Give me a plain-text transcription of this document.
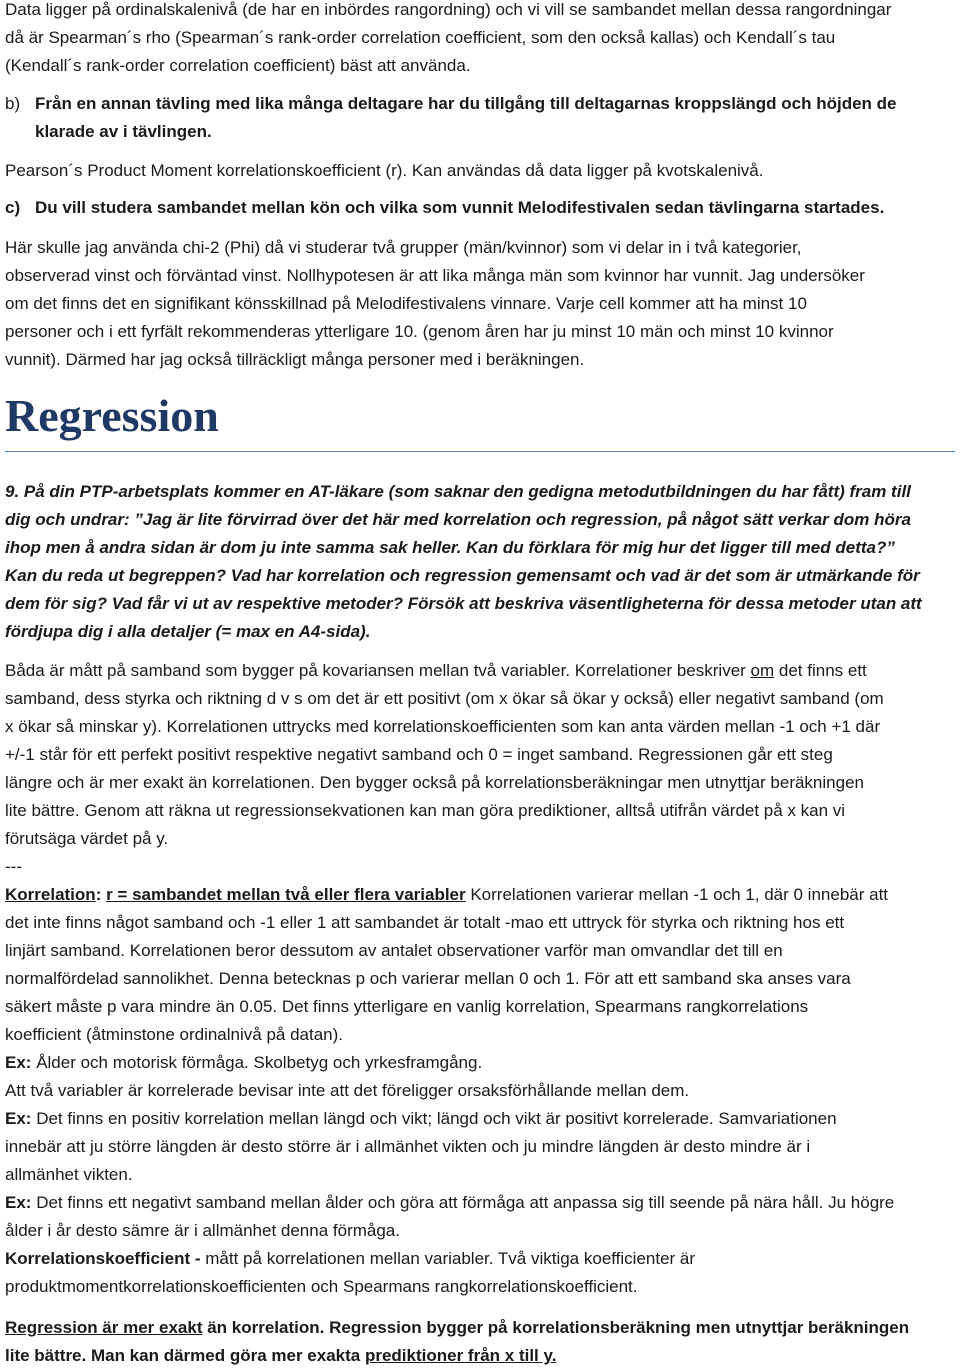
Data ligger på ordinalskalenivå (de har en inbördes rangordning) och vi vill se sambandet mellan dessa rangordningar
då är Spearman´s rho (Spearman´s rank-order correlation coefficient, som den också kallas) och Kendall´s tau
(Kendall´s rank-order correlation coefficient) bäst att använda.

b) Från en annan tävling med lika många deltagare har du tillgång till deltagarnas kroppslängd och höjden de
klarade av i tävlingen.

Pearson´s Product Moment korrelationskoefficient (r). Kan användas då data ligger på kvotskalenivå.

c) Du vill studera sambandet mellan kön och vilka som vunnit Melodifestivalen sedan tävlingarna startades.

Här skulle jag använda chi-2 (Phi) då vi studerar två grupper (män/kvinnor) som vi delar in i två kategorier,
observerad vinst och förväntad vinst. Nollhypotesen är att lika många män som kvinnor har vunnit. Jag undersöker
om det finns det en signifikant könsskillnad på Melodifestivalens vinnare. Varje cell kommer att ha minst 10
personer och i ett fyrfält rekommenderas ytterligare 10. (genom åren har ju minst 10 män och minst 10 kvinnor
vunnit). Därmed har jag också tillräckligt många personer med i beräkningen.

Regression

9. På din PTP-arbetsplats kommer en AT-läkare (som saknar den gedigna metodutbildningen du har fått) fram till
dig och undrar: ”Jag är lite förvirrad över det här med korrelation och regression, på något sätt verkar dom höra
ihop men å andra sidan är dom ju inte samma sak heller. Kan du förklara för mig hur det ligger till med detta?”
Kan du reda ut begreppen? Vad har korrelation och regression gemensamt och vad är det som är utmärkande för
dem för sig? Vad får vi ut av respektive metoder? Försök att beskriva väsentligheterna för dessa metoder utan att
fördjupa dig i alla detaljer (= max en A4-sida).

Båda är mått på samband som bygger på kovariansen mellan två variabler. Korrelationer beskriver om det finns ett
samband, dess styrka och riktning d v s om det är ett positivt (om x ökar så ökar y också) eller negativt samband (om
x ökar så minskar y). Korrelationen uttrycks med korrelationskoefficienten som kan anta värden mellan -1 och +1 där
+/-1 står för ett perfekt positivt respektive negativt samband och 0 = inget samband. Regressionen går ett steg
längre och är mer exakt än korrelationen. Den bygger också på korrelationsberäkningar men utnyttjar beräkningen
lite bättre. Genom att räkna ut regressionsekvationen kan man göra prediktioner, alltså utifrån värdet på x kan vi
förutsäga värdet på y.
---

Korrelation: r = sambandet mellan två eller flera variabler Korrelationen varierar mellan -1 och 1, där 0 innebär att
det inte finns något samband och -1 eller 1 att sambandet är totalt -mao ett uttryck för styrka och riktning hos ett
linjärt samband. Korrelationen beror dessutom av antalet observationer varför man omvandlar det till en
normalfördelad sannolikhet. Denna betecknas p och varierar mellan 0 och 1. För att ett samband ska anses vara
säkert måste p vara mindre än 0.05. Det finns ytterligare en vanlig korrelation, Spearmans rangkorrelations
koefficient (åtminstone ordinalnivå på datan).

Ex: Ålder och motorisk förmåga. Skolbetyg och yrkesframgång.
Att två variabler är korrelerade bevisar inte att det föreligger orsaksförhållande mellan dem.
Ex: Det finns en positiv korrelation mellan längd och vikt; längd och vikt är positivt korrelerade. Samvariationen
innebär att ju större längden är desto större är i allmänhet vikten och ju mindre längden är desto mindre är i
allmänhet vikten.
Ex: Det finns ett negativt samband mellan ålder och göra att förmåga att anpassa sig till seende på nära håll. Ju högre
ålder i år desto sämre är i allmänhet denna förmåga.

Korrelationskoefficient - mått på korrelationen mellan variabler. Två viktiga koefficienter är
produktmomentkorrelationskoefficienten och Spearmans rangkorrelationskoefficient.

Regression är mer exakt än korrelation. Regression bygger på korrelationsberäkning men utnyttjar beräkningen
lite bättre. Man kan därmed göra mer exakta prediktioner från x till y.
